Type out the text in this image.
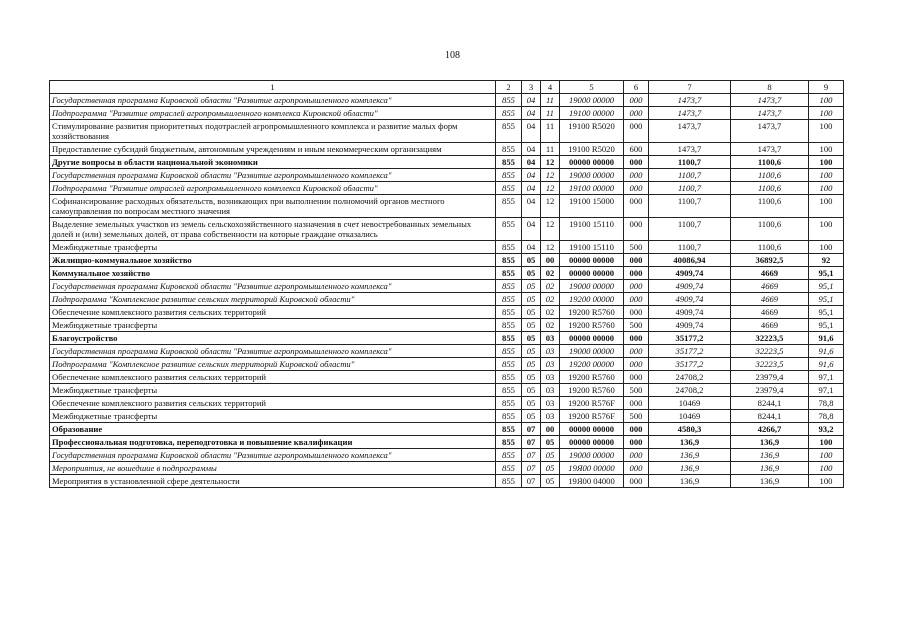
108
1	2	3	4	5	6	7	8	9
Государственная программа Кировской области "Развитие агропромышленного комплекса"	855	04	11	19000 00000	000	1473,7	1473,7	100
Подпрограмма "Развитие отраслей агропромышленного комплекса Кировской области"	855	04	11	19100 00000	000	1473,7	1473,7	100
Стимулирование развития приоритетных подотраслей агропромышленного комплекса и развитие малых форм хозяйствования	855	04	11	19100 R5020	000	1473,7	1473,7	100
Предоставление субсидий бюджетным, автономным учреждениям и иным некоммерческим организациям	855	04	11	19100 R5020	600	1473,7	1473,7	100
Другие вопросы в области национальной экономики	855	04	12	00000 00000	000	1100,7	1100,6	100
Государственная программа Кировской области "Развитие агропромышленного комплекса"	855	04	12	19000 00000	000	1100,7	1100,6	100
Подпрограмма "Развитие отраслей агропромышленного комплекса Кировской области"	855	04	12	19100 00000	000	1100,7	1100,6	100
Софинансирование расходных обязательств, возникающих при выполнении полномочий органов местного самоуправления по вопросам местного значения	855	04	12	19100 15000	000	1100,7	1100,6	100
Выделение земельных участков из земель сельскохозяйственного назначения в счет невостребованных земельных долей и (или) земельных долей, от права собственности на которые граждане отказались	855	04	12	19100 15110	000	1100,7	1100,6	100
Межбюджетные трансферты	855	04	12	19100 15110	500	1100,7	1100,6	100
Жилищно-коммунальное хозяйство	855	05	00	00000 00000	000	40086,94	36892,5	92
Коммунальное хозяйство	855	05	02	00000 00000	000	4909,74	4669	95,1
Государственная программа Кировской области "Развитие агропромышленного комплекса"	855	05	02	19000 00000	000	4909,74	4669	95,1
Подпрограмма "Комплексное развитие сельских территорий Кировской области"	855	05	02	19200 00000	000	4909,74	4669	95,1
Обеспечение комплексного развития сельских территорий	855	05	02	19200 R5760	000	4909,74	4669	95,1
Межбюджетные трансферты	855	05	02	19200 R5760	500	4909,74	4669	95,1
Благоустройство	855	05	03	00000 00000	000	35177,2	32223,5	91,6
Государственная программа Кировской области "Развитие агропромышленного комплекса"	855	05	03	19000 00000	000	35177,2	32223,5	91,6
Подпрограмма "Комплексное развитие сельских территорий Кировской области"	855	05	03	19200 00000	000	35177,2	32223,5	91,6
Обеспечение комплексного развития сельских территорий	855	05	03	19200 R5760	000	24708,2	23979,4	97,1
Межбюджетные трансферты	855	05	03	19200 R5760	500	24708,2	23979,4	97,1
Обеспечение комплексного развития сельских территорий	855	05	03	19200 R576F	000	10469	8244,1	78,8
Межбюджетные трансферты	855	05	03	19200 R576F	500	10469	8244,1	78,8
Образование	855	07	00	00000 00000	000	4580,3	4266,7	93,2
Профессиональная подготовка, переподготовка и повышение квалификации	855	07	05	00000 00000	000	136,9	136,9	100
Государственная программа Кировской области "Развитие агропромышленного комплекса"	855	07	05	19000 00000	000	136,9	136,9	100
Мероприятия, не вошедшие в подпрограммы	855	07	05	19Я00 00000	000	136,9	136,9	100
Мероприятия в установленной сфере деятельности	855	07	05	19Я00 04000	000	136,9	136,9	100
